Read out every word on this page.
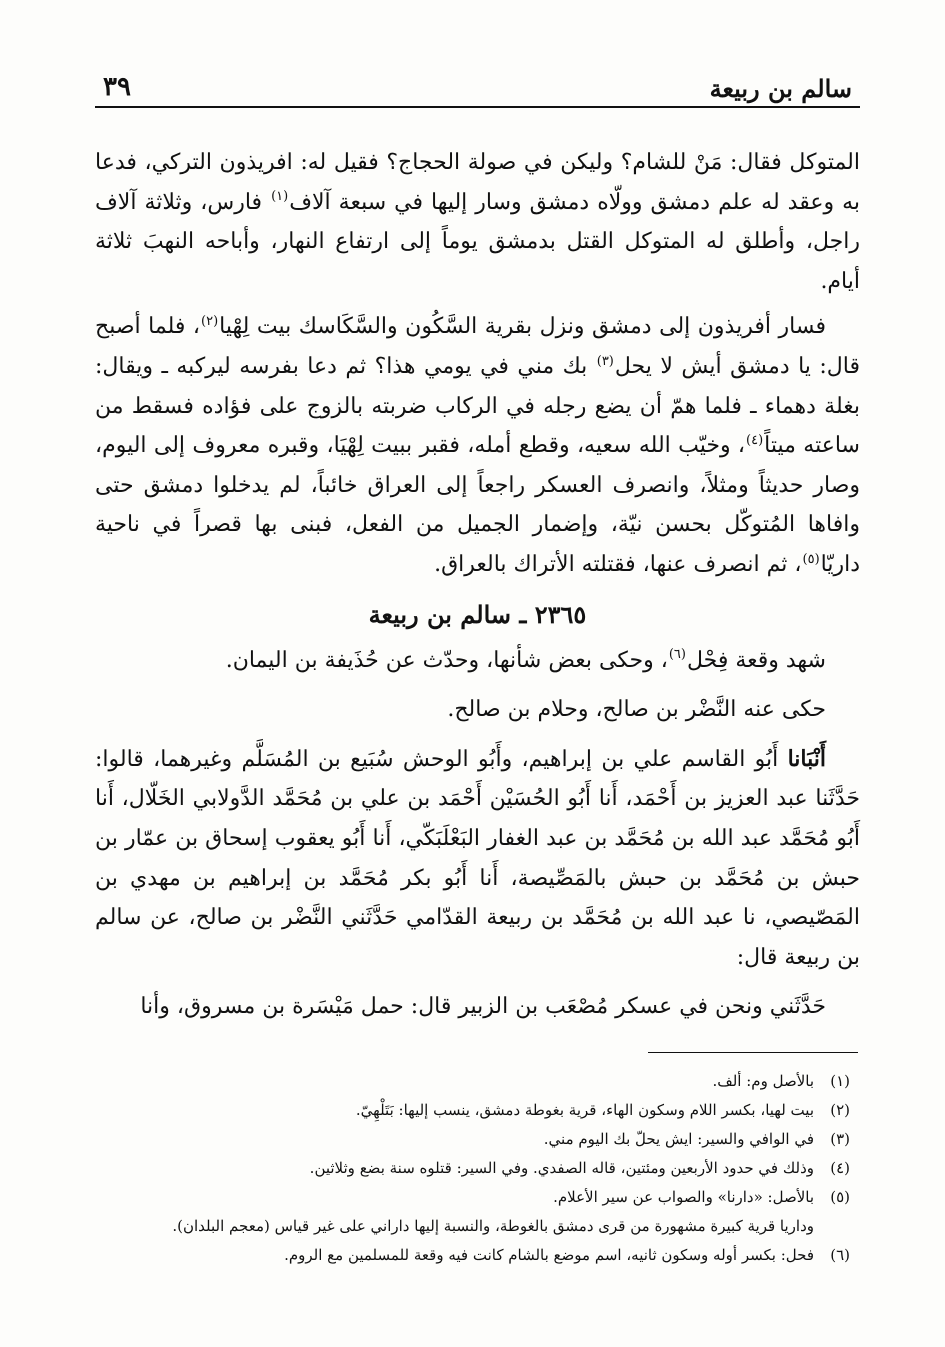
سالم بن ربيعة
٣٩

المتوكل فقال: مَنْ للشام؟ وليكن في صولة الحجاج؟ فقيل له: افريذون التركي، فدعا به وعقد له علم دمشق وولّاه دمشق وسار إليها في سبعة آلاف$^{(١)}$ فارس، وثلاثة آلاف راجل، وأطلق له المتوكل القتل بدمشق يوماً إلى ارتفاع النهار، وأباحه النهبَ ثلاثة أيام.

فسار أفريذون إلى دمشق ونزل بقرية السَّكُون والسَّكَاسك بيت لِهْيا$^{(٢)}$، فلما أصبح قال: يا دمشق أيش لا يحل$^{(٣)}$ بك مني في يومي هذا؟ ثم دعا بفرسه ليركبه ـ ويقال: بغلة دهماء ـ فلما همّ أن يضع رجله في الركاب ضربته بالزوج على فؤاده فسقط من ساعته ميتاً$^{(٤)}$، وخيّب الله سعيه، وقطع أمله، فقبر ببيت لِهْيَا، وقبره معروف إلى اليوم، وصار حديثاً ومثلاً، وانصرف العسكر راجعاً إلى العراق خائباً، لم يدخلوا دمشق حتى وافاها المُتوكّل بحسن نيّة، وإضمار الجميل من الفعل، فبنى بها قصراً في ناحية داريّا$^{(٥)}$، ثم انصرف عنها، فقتلته الأتراك بالعراق.

٢٣٦٥ ـ سالم بن ربيعة

شهد وقعة فِحْل$^{(٦)}$، وحكى بعض شأنها، وحدّث عن حُذَيفة بن اليمان.

حكى عنه النَّضْر بن صالح، وحلام بن صالح.

أَنْبَانا أَبُو القاسم علي بن إبراهيم، وأَبُو الوحش سُبَيع بن المُسَلَّم وغيرهما، قالوا: حَدَّثَنا عبد العزيز بن أَحْمَد، أَنا أَبُو الحُسَيْن أَحْمَد بن علي بن مُحَمَّد الدَّولابي الخَلّال، أَنا أَبُو مُحَمَّد عبد الله بن مُحَمَّد بن عبد الغفار البَعْلَبَكّي، أَنا أَبُو يعقوب إسحاق بن عمّار بن حبش بن مُحَمَّد بن حبش بالمَصِّيصة، أَنا أَبُو بكر مُحَمَّد بن إبراهيم بن مهدي بن المَصّيصي، نا عبد الله بن مُحَمَّد بن ربيعة القدّامي حَدَّثَني النَّضْر بن صالح، عن سالم بن ربيعة قال:

حَدَّثَني ونحن في عسكر مُصْعَب بن الزبير قال: حمل مَيْسَرة بن مسروق، وأنا

(١)
بالأصل وم: ألف.
(٢)
بيت لهيا، بكسر اللام وسكون الهاء، قرية بغوطة دمشق، ينسب إليها: بَتَلْهِيّ.
(٣)
في الوافي والسير: ايش يحلّ بك اليوم مني.
(٤)
وذلك في حدود الأربعين ومئتين، قاله الصفدي. وفي السير: قتلوه سنة بضع وثلاثين.
(٥)
بالأصل: «دارنا» والصواب عن سير الأعلام.
وداريا قرية كبيرة مشهورة من قرى دمشق بالغوطة، والنسبة إليها داراني على غير قياس (معجم البلدان).
(٦)
فحل: بكسر أوله وسكون ثانيه، اسم موضع بالشام كانت فيه وقعة للمسلمين مع الروم.
